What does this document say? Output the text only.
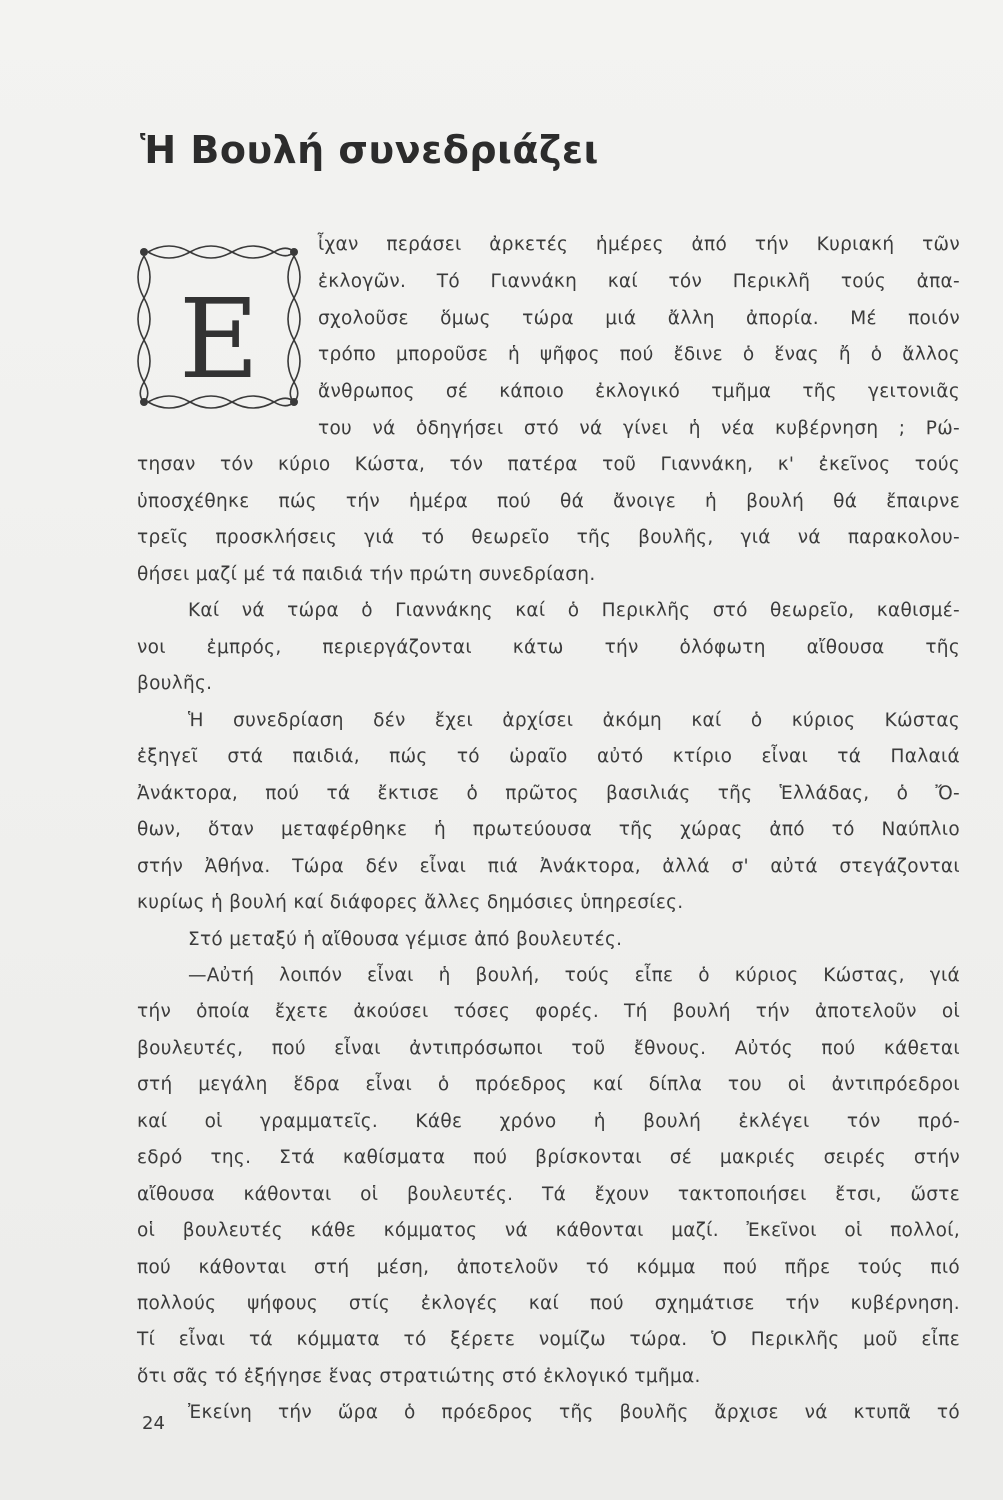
Ἡ Βουλή συνεδριάζει
Ε
ἶχαν περάσει ἀρκετές ἡμέρες ἀπό τήν Κυριακή τῶν
ἐκλογῶν. Τό Γιαννάκη καί τόν Περικλῆ τούς ἀπα-
σχολοῦσε ὅμως τώρα μιά ἄλλη ἀπορία. Μέ ποιόν
τρόπο μποροῦσε ἡ ψῆφος πού ἔδινε ὁ ἕνας ἤ ὁ ἄλλος
ἄνθρωπος σέ κάποιο ἐκλογικό τμῆμα τῆς γειτονιᾶς
του νά ὁδηγήσει στό νά γίνει ἡ νέα κυβέρνηση ; Ρώ-
τησαν τόν κύριο Κώστα, τόν πατέρα τοῦ Γιαννάκη, κ' ἐκεῖνος τούς
ὑποσχέθηκε πώς τήν ἡμέρα πού θά ἄνοιγε ἡ βουλή θά ἔπαιρνε
τρεῖς προσκλήσεις γιά τό θεωρεῖο τῆς βουλῆς, γιά νά παρακολου-
θήσει μαζί μέ τά παιδιά τήν πρώτη συνεδρίαση.
Καί νά τώρα ὁ Γιαννάκης καί ὁ Περικλῆς στό θεωρεῖο, καθισμέ-
νοι ἐμπρός, περιεργάζονται κάτω τήν ὁλόφωτη αἴθουσα τῆς
βουλῆς.
Ἡ συνεδρίαση δέν ἔχει ἀρχίσει ἀκόμη καί ὁ κύριος Κώστας
ἐξηγεῖ στά παιδιά, πώς τό ὡραῖο αὐτό κτίριο εἶναι τά Παλαιά
Ἀνάκτορα, πού τά ἔκτισε ὁ πρῶτος βασιλιάς τῆς Ἑλλάδας, ὁ Ὄ-
θων, ὅταν μεταφέρθηκε ἡ πρωτεύουσα τῆς χώρας ἀπό τό Ναύπλιο
στήν Ἀθήνα. Τώρα δέν εἶναι πιά Ἀνάκτορα, ἀλλά σ' αὐτά στεγάζονται
κυρίως ἡ βουλή καί διάφορες ἄλλες δημόσιες ὑπηρεσίες.
Στό μεταξύ ἡ αἴθουσα γέμισε ἀπό βουλευτές.
—Αὐτή λοιπόν εἶναι ἡ βουλή, τούς εἶπε ὁ κύριος Κώστας, γιά
τήν ὁποία ἔχετε ἀκούσει τόσες φορές. Τή βουλή τήν ἀποτελοῦν οἱ
βουλευτές, πού εἶναι ἀντιπρόσωποι τοῦ ἔθνους. Αὐτός πού κάθεται
στή μεγάλη ἕδρα εἶναι ὁ πρόεδρος καί δίπλα του οἱ ἀντιπρόεδροι
καί οἱ γραμματεῖς. Κάθε χρόνο ἡ βουλή ἐκλέγει τόν πρό-
εδρό της. Στά καθίσματα πού βρίσκονται σέ μακριές σειρές στήν
αἴθουσα κάθονται οἱ βουλευτές. Τά ἔχουν τακτοποιήσει ἔτσι, ὥστε
οἱ βουλευτές κάθε κόμματος νά κάθονται μαζί. Ἐκεῖνοι οἱ πολλοί,
πού κάθονται στή μέση, ἀποτελοῦν τό κόμμα πού πῆρε τούς πιό
πολλούς ψήφους στίς ἐκλογές καί πού σχημάτισε τήν κυβέρνηση.
Τί εἶναι τά κόμματα τό ξέρετε νομίζω τώρα. Ὁ Περικλῆς μοῦ εἶπε
ὅτι σᾶς τό ἐξήγησε ἕνας στρατιώτης στό ἐκλογικό τμῆμα.
Ἐκείνη τήν ὥρα ὁ πρόεδρος τῆς βουλῆς ἄρχισε νά κτυπᾶ τό
24
